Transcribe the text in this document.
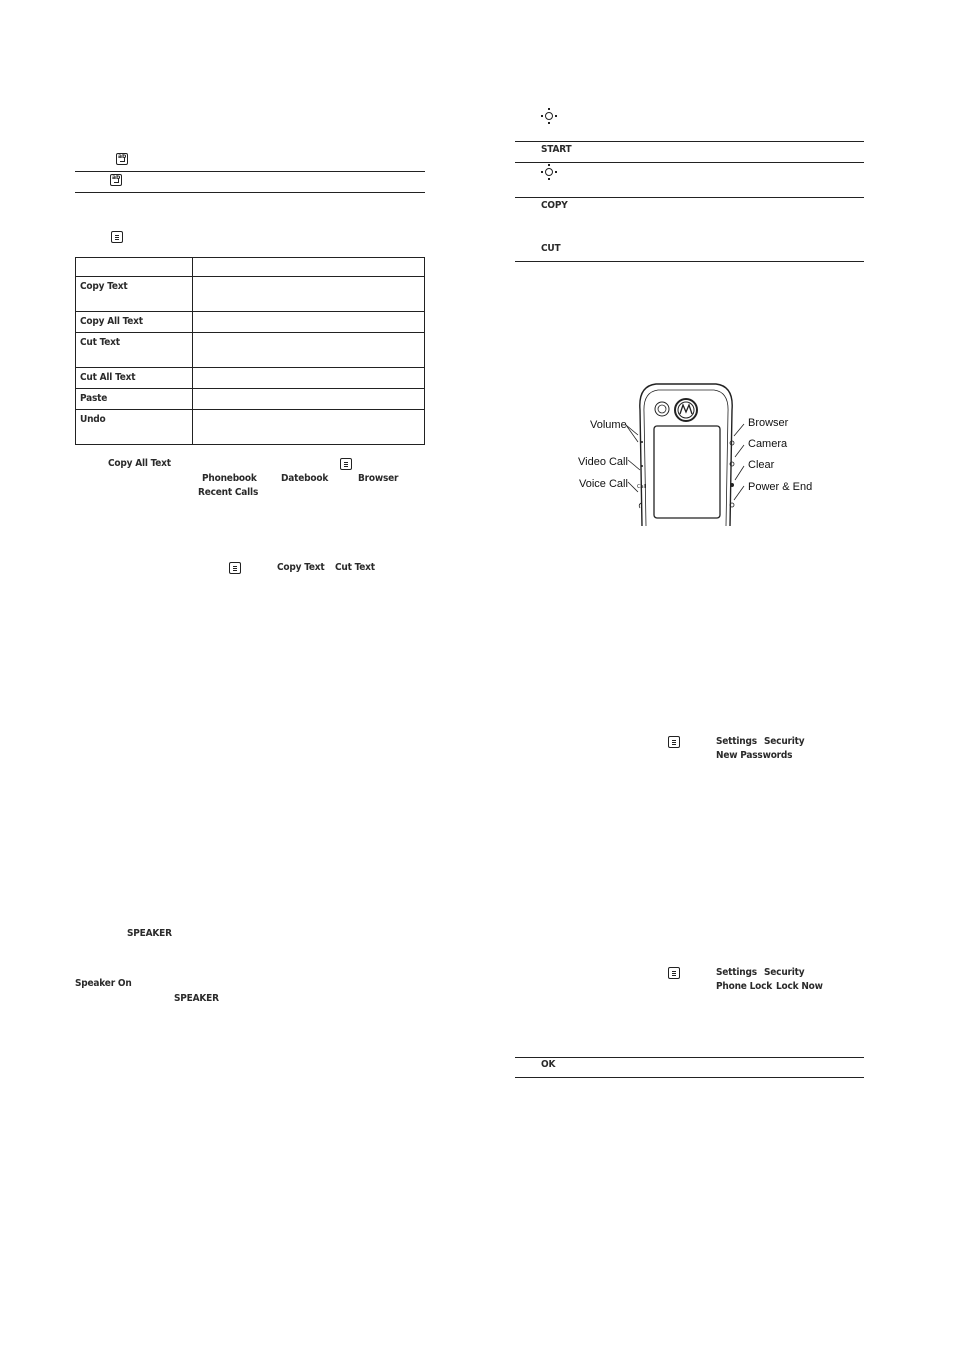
ab
ab

Copy Text	
Copy All Text	
Cut Text	
Cut All Text	
Paste	
Undo	
Copy All Text
Phonebook Datebook	Browser
Recent Calls
Copy Text Cut Text
SPEAKER
Speaker On
SPEAKER
START
COPY
CUT
Call
Volume
Video Call
Voice Call
Browser
Camera
Clear
Power & End
Settings Security
New Passwords
Settings Security
Phone Lock Lock Now
OK
